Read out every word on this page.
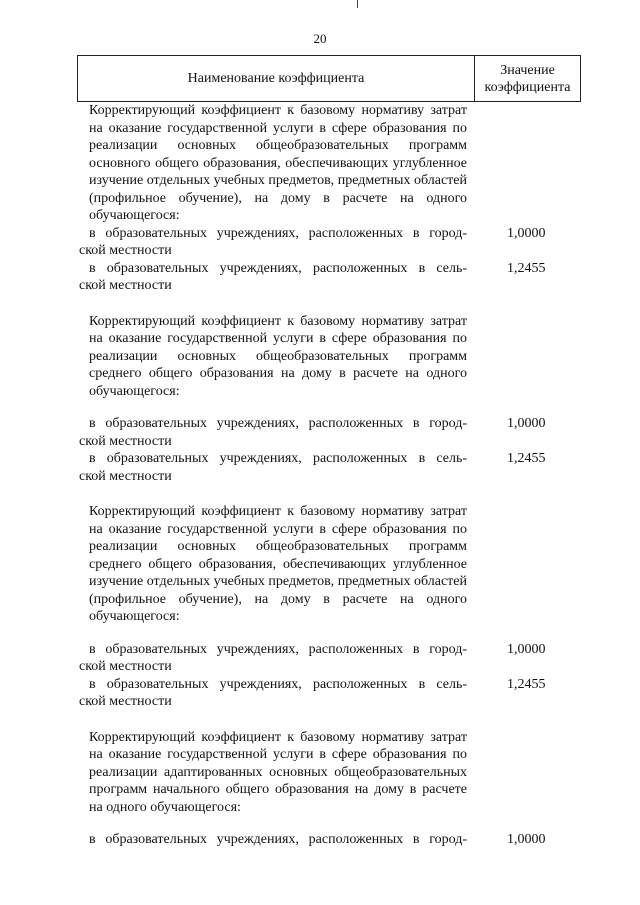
20
Наименование коэффициента
Значение
коэффициента
Корректирующий коэффициент к базовому нормативу затрат на оказание государственной услуги в сфере образования по реализации основных общеобразовательных программ основного общего образования, обеспечивающих углубленное изучение отдельных учебных предметов, предметных областей (профильное обучение), на дому в расчете на одного обучающегося:
в образовательных учреждениях, расположенных в город-
ской местности
1,0000
в образовательных учреждениях, расположенных в сель-
ской местности
1,2455
Корректирующий коэффициент к базовому нормативу затрат на оказание государственной услуги в сфере образования по реализации основных общеобразовательных программ среднего общего образования на дому в расчете на одного обучающегося:
в образовательных учреждениях, расположенных в город-
ской местности
1,0000
в образовательных учреждениях, расположенных в сель-
ской местности
1,2455
Корректирующий коэффициент к базовому нормативу затрат на оказание государственной услуги в сфере образования по реализации основных общеобразовательных программ среднего общего образования, обеспечивающих углубленное изучение отдельных учебных предметов, предметных областей (профильное обучение), на дому в расчете на одного обучающегося:
в образовательных учреждениях, расположенных в город-
ской местности
1,0000
в образовательных учреждениях, расположенных в сель-
ской местности
1,2455
Корректирующий коэффициент к базовому нормативу затрат на оказание государственной услуги в сфере образования по реализации адаптированных основных общеобразовательных программ начального общего образования на дому в расчете на одного обучающегося:
в образовательных учреждениях, расположенных в город-	1,0000
